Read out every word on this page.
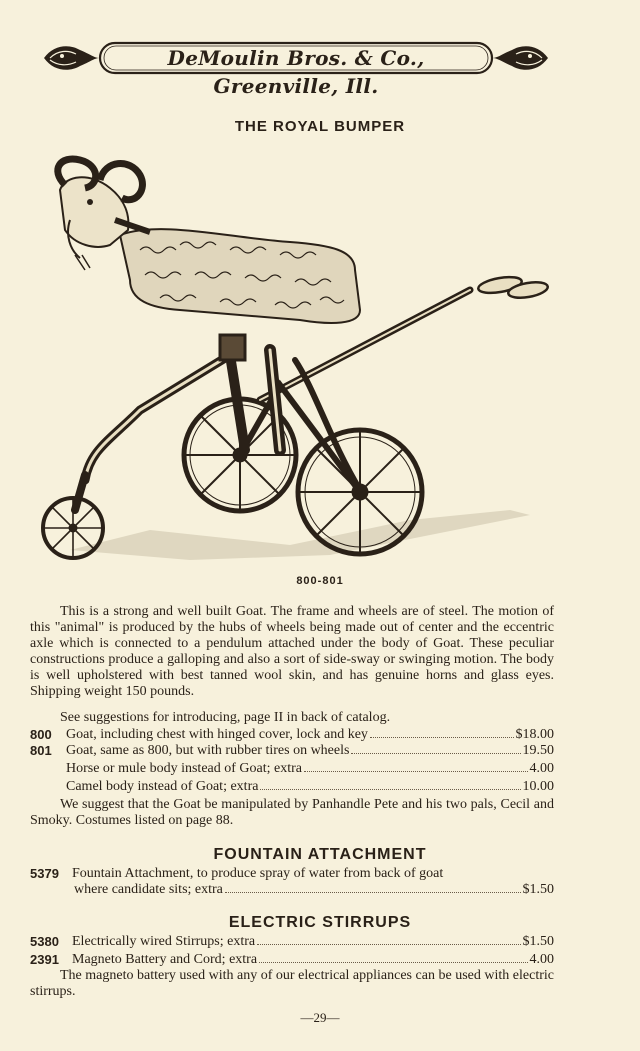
DeMoulin Bros. & Co., Greenville, Ill.
THE ROYAL BUMPER
800-801
This is a strong and well built Goat. The frame and wheels are of steel. The motion of this "animal" is produced by the hubs of wheels being made out of center and the eccentric axle which is connected to a pendulum attached under the body of Goat. These peculiar constructions produce a galloping and also a sort of side-sway or swinging motion. The body is well upholstered with best tanned wool skin, and has genuine horns and glass eyes. Shipping weight 150 pounds.
See suggestions for introducing, page II in back of catalog.
800	Goat, including chest with hinged cover, lock and key	$18.00
801	Goat, same as 800, but with rubber tires on wheels	19.50
Horse or mule body instead of Goat; extra	4.00
Camel body instead of Goat; extra	10.00
We suggest that the Goat be manipulated by Panhandle Pete and his two pals, Cecil and Smoky. Costumes listed on page 88.
FOUNTAIN ATTACHMENT
5379 Fountain Attachment, to produce spray of water from back of goat
where candidate sits; extra	$1.50
ELECTRIC STIRRUPS
5380 Electrically wired Stirrups; extra	$1.50
2391 Magneto Battery and Cord; extra	4.00
The magneto battery used with any of our electrical appliances can be used with electric stirrups.
—29—
